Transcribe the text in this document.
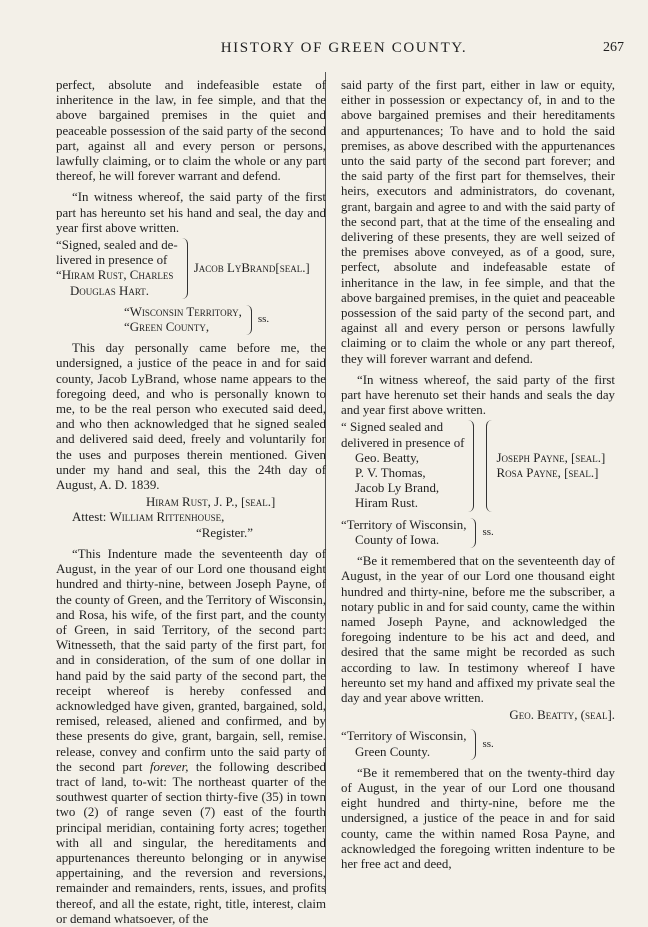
HISTORY OF GREEN COUNTY.	267

perfect, absolute and indefeasible estate of inheritence in the law, in fee simple, and that the above bargained premises in the quiet and peaceable possession of the said party of the second part, against all and every person or persons, lawfully claiming, or to claim the whole or any part thereof, he will forever warrant and defend.

“In witness whereof, the said party of the first part has hereunto set his hand and seal, the day and year first above written.

“Signed, sealed and de-
livered in presence of
“Hiram Rust, Charles
Douglas Hart.
Jacob LyBrand[seal.]
“Wisconsin Territory,
“Green County,
ss.

This day personally came before me, the undersigned, a justice of the peace in and for said county, Jacob LyBrand, whose name appears to the foregoing deed, and who is personally known to me, to be the real person who executed said deed, and who then acknowledged that he signed sealed and delivered said deed, freely and voluntarily for the uses and purposes therein mentioned. Given under my hand and seal, this the 24th day of August, A. D. 1839.

Hiram Rust, J. P., [seal.]
Attest: William Rittenhouse,
“Register.”

“This Indenture made the seventeenth day of August, in the year of our Lord one thousand eight hundred and thirty-nine, between Joseph Payne, of the county of Green, and the Territory of Wisconsin, and Rosa, his wife, of the first part, and the county of Green, in said Territory, of the second part: Witnesseth, that the said party of the first part, for and in consideration, of the sum of one dollar in hand paid by the said party of the second part, the receipt whereof is hereby confessed and acknowledged have given, granted, bargained, sold, remised, released, aliened and confirmed, and by these presents do give, grant, bargain, sell, remise. release, convey and confirm unto the said party of the second part forever, the following described tract of land, to-wit: The northeast quarter of the southwest quarter of section thirty-five (35) in town two (2) of range seven (7) east of the fourth principal meridian, containing forty acres; together with all and singular, the hereditaments and appurtenances thereunto belonging or in anywise appertaining, and the reversion and reversions, remainder and remainders, rents, issues, and profits thereof, and all the estate, right, title, interest, claim or demand whatsoever, of the

said party of the first part, either in law or equity, either in possession or expectancy of, in and to the above bargained premises and their hereditaments and appurtenances; To have and to hold the said premises, as above described with the appurtenances unto the said party of the second part forever; and the said party of the first part for themselves, their heirs, executors and administrators, do covenant, grant, bargain and agree to and with the said party of the second part, that at the time of the ensealing and delivering of these presents, they are well seized of the premises above conveyed, as of a good, sure, perfect, absolute and indefeasable estate of inheritance in the law, in fee simple, and that the above bargained premises, in the quiet and peaceable possession of the said party of the second part, and against all and every person or persons lawfully claiming or to claim the whole or any part thereof, they will forever warrant and defend.

“In witness whereof, the said party of the first part have herenuto set their hands and seals the day and year first above written.

“ Signed sealed and
delivered in presence of
Geo. Beatty,
P. V. Thomas,
Jacob Ly Brand,
Hiram Rust.
Joseph Payne, [seal.]
Rosa Payne, [seal.]
“Territory of Wisconsin,
County of Iowa.
ss.

“Be it remembered that on the seventeenth day of August, in the year of our Lord one thousand eight hundred and thirty-nine, before me the subscriber, a notary public in and for said county, came the within named Joseph Payne, and acknowledged the foregoing indenture to be his act and deed, and desired that the same might be recorded as such according to law. In testimony whereof I have hereunto set my hand and affixed my private seal the day and year above written.

Geo. Beatty, (seal].
“Territory of Wisconsin,
Green County.
ss.

“Be it remembered that on the twenty-third day of August, in the year of our Lord one thousand eight hundred and thirty-nine, before me the undersigned, a justice of the peace in and for said county, came the within named Rosa Payne, and acknowledged the foregoing written indenture to be her free act and deed,
